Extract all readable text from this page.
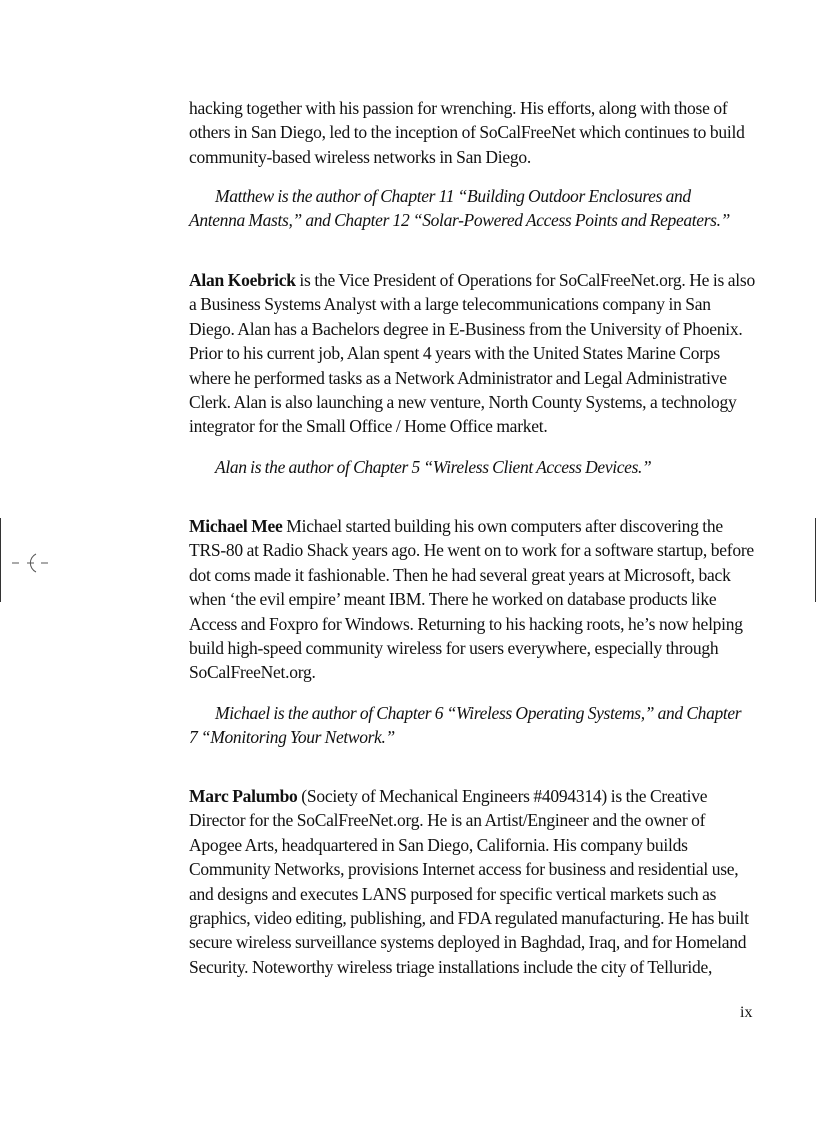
hacking together with his passion for wrenching. His efforts, along with those of others in San Diego, led to the inception of SoCalFreeNet which continues to build community-based wireless networks in San Diego.

Matthew is the author of Chapter 11 “Building Outdoor Enclosures and Antenna Masts,” and Chapter 12 “Solar-Powered Access Points and Repeaters.”

Alan Koebrick is the Vice President of Operations for SoCalFreeNet.org. He is also a Business Systems Analyst with a large telecommunications company in San Diego. Alan has a Bachelors degree in E-Business from the University of Phoenix. Prior to his current job, Alan spent 4 years with the United States Marine Corps where he performed tasks as a Network Administrator and Legal Administrative Clerk. Alan is also launching a new venture, North County Systems, a technology integrator for the Small Office / Home Office market.

Alan is the author of Chapter 5 “Wireless Client Access Devices.”

Michael Mee Michael started building his own computers after discovering the TRS-80 at Radio Shack years ago. He went on to work for a software startup, before dot coms made it fashionable. Then he had several great years at Microsoft, back when ‘the evil empire’ meant IBM. There he worked on database products like Access and Foxpro for Windows. Returning to his hacking roots, he’s now helping build high-speed community wireless for users everywhere, especially through SoCalFreeNet.org.

Michael is the author of Chapter 6 “Wireless Operating Systems,” and Chapter 7 “Monitoring Your Network.”

Marc Palumbo (Society of Mechanical Engineers #4094314) is the Creative Director for the SoCalFreeNet.org. He is an Artist/Engineer and the owner of Apogee Arts, headquartered in San Diego, California. His company builds Community Networks, provisions Internet access for business and residential use, and designs and executes LANS purposed for specific vertical markets such as graphics, video editing, publishing, and FDA regulated manufacturing. He has built secure wireless surveillance systems deployed in Baghdad, Iraq, and for Homeland Security. Noteworthy wireless triage installations include the city of Telluride,

ix
